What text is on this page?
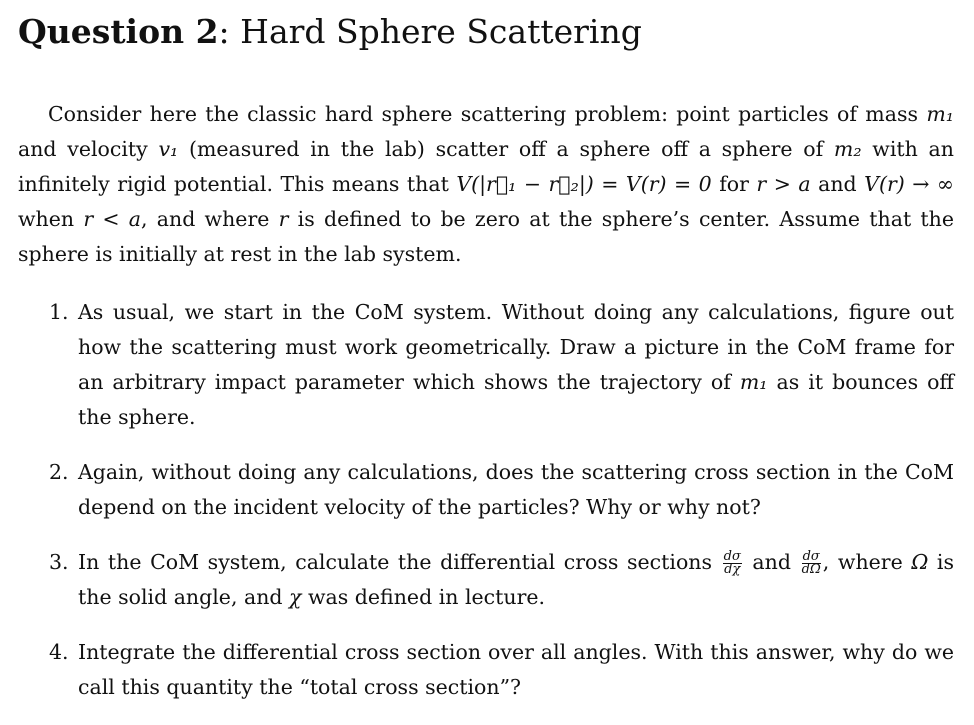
Question 2: Hard Sphere Scattering

Consider here the classic hard sphere scattering problem: point particles of mass m₁ and velocity v₁ (measured in the lab) scatter off a sphere off a sphere of m₂ with an infinitely rigid potential. This means that V(|r⃗₁ − r⃗₂|) = V(r) = 0 for r > a and V(r) → ∞ when r < a, and where r is defined to be zero at the sphere’s center. Assume that the sphere is initially at rest in the lab system.

1. As usual, we start in the CoM system. Without doing any calculations, figure out how the scattering must work geometrically. Draw a picture in the CoM frame for an arbitrary impact parameter which shows the trajectory of m₁ as it bounces off the sphere.
2. Again, without doing any calculations, does the scattering cross section in the CoM depend on the incident velocity of the particles? Why or why not?
3. In the CoM system, calculate the differential cross sections $\frac{d\sigma}{d\chi}$ and $\frac{d\sigma}{d\Omega}$ , where Ω is the solid angle, and χ was defined in lecture.
4. Integrate the differential cross section over all angles. With this answer, why do we call this quantity the “total cross section”?
